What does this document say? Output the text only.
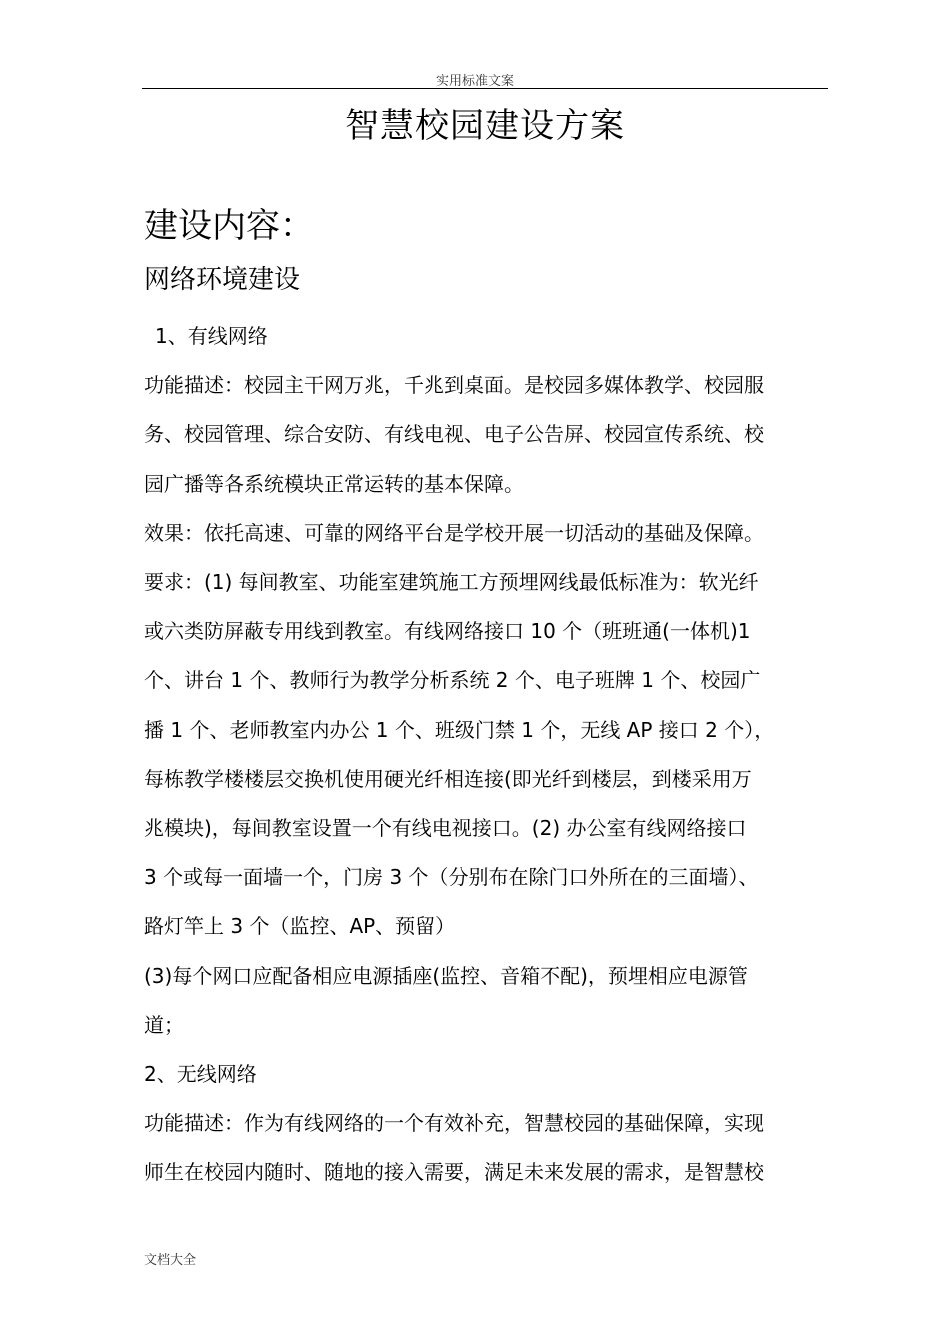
实用标准文案
智慧校园建设方案
建设内容：
网络环境建设

1、有线网络

功能描述：校园主干网万兆，千兆到桌面。是校园多媒体教学、校园服

务、校园管理、综合安防、有线电视、电子公告屏、校园宣传系统、校

园广播等各系统模块正常运转的基本保障。

效果：依托高速、可靠的网络平台是学校开展一切活动的基础及保障。

要求：(1) 每间教室、功能室建筑施工方预埋网线最低标准为：软光纤

或六类防屏蔽专用线到教室。有线网络接口 10 个（班班通(一体机)1

个、讲台 1 个、教师行为教学分析系统 2 个、电子班牌 1 个、校园广

播 1 个、老师教室内办公 1 个、班级门禁 1 个，无线 AP 接口 2 个），

每栋教学楼楼层交换机使用硬光纤相连接(即光纤到楼层，到楼采用万

兆模块)，每间教室设置一个有线电视接口。(2) 办公室有线网络接口

3 个或每一面墙一个，门房 3 个（分别布在除门口外所在的三面墙）、

路灯竿上 3 个（监控、AP、预留）

(3)每个网口应配备相应电源插座(监控、音箱不配)，预埋相应电源管

道；

2、无线网络

功能描述：作为有线网络的一个有效补充，智慧校园的基础保障，实现

师生在校园内随时、随地的接入需要，满足未来发展的需求，是智慧校

文档大全
